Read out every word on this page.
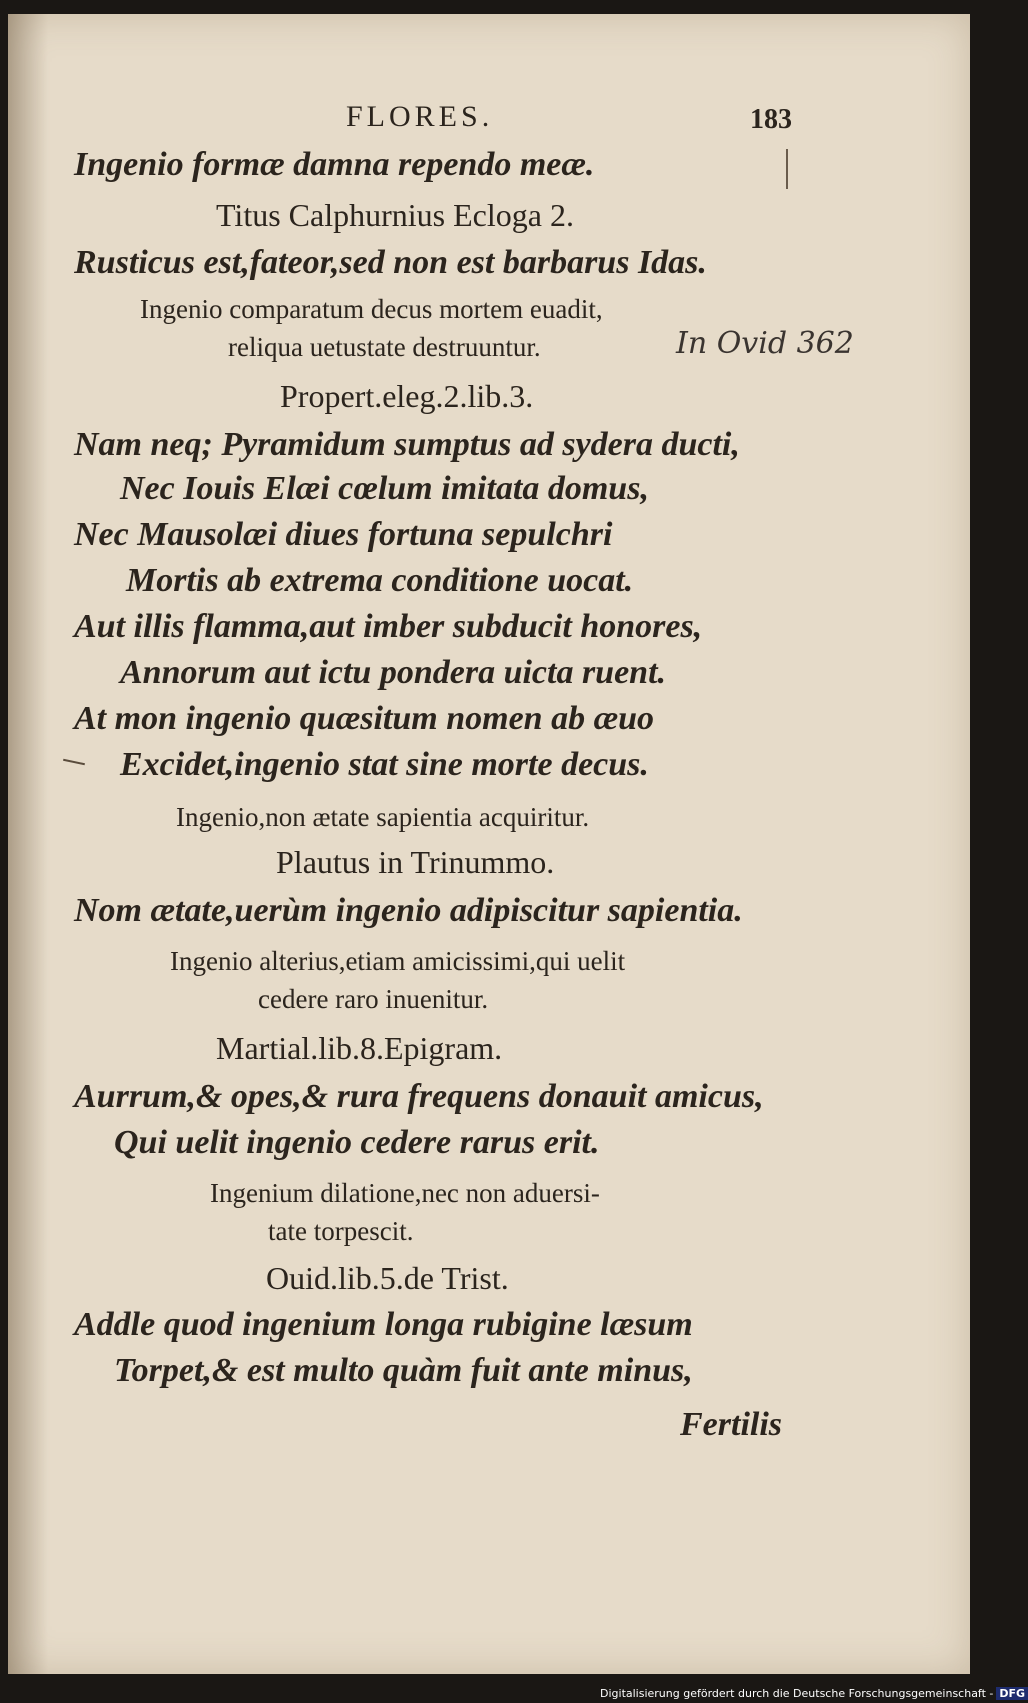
FLORES.	183
Ingenio formæ damna rependo meæ.
Titus Calphurnius Ecloga 2.
Rusticus est,fateor,sed non est barbarus Idas.
Ingenio comparatum decus mortem euadit,
reliqua uetustate destruuntur.	In Ovid 362
Propert.eleg.2.lib.3.
Nam neq; Pyramidum sumptus ad sydera ducti,
Nec Iouis Elæi cœlum imitata domus,
Nec Mausolæi diues fortuna sepulchri
Mortis ab extrema conditione uocat.
Aut illis flamma,aut imber subducit honores,
Annorum aut ictu pondera uicta ruent.
At mon ingenio quæsitum nomen ab æuo
Excidet,ingenio stat sine morte decus.
Ingenio,non ætate sapientia acquiritur.
Plautus in Trinummo.
Nom ætate,uerùm ingenio adipiscitur sapientia.
Ingenio alterius,etiam amicissimi,qui uelit
cedere raro inuenitur.
Martial.lib.8.Epigram.
Aurrum,& opes,& rura frequens donauit amicus,
Qui uelit ingenio cedere rarus erit.
Ingenium dilatione,nec non aduersi-
tate torpescit.
Ouid.lib.5.de Trist.
Addle quod ingenium longa rubigine læsum
Torpet,& est multo quàm fuit ante minus,
Fertilis
Digitalisierung gefördert durch die Deutsche Forschungsgemeinschaft - DFG
